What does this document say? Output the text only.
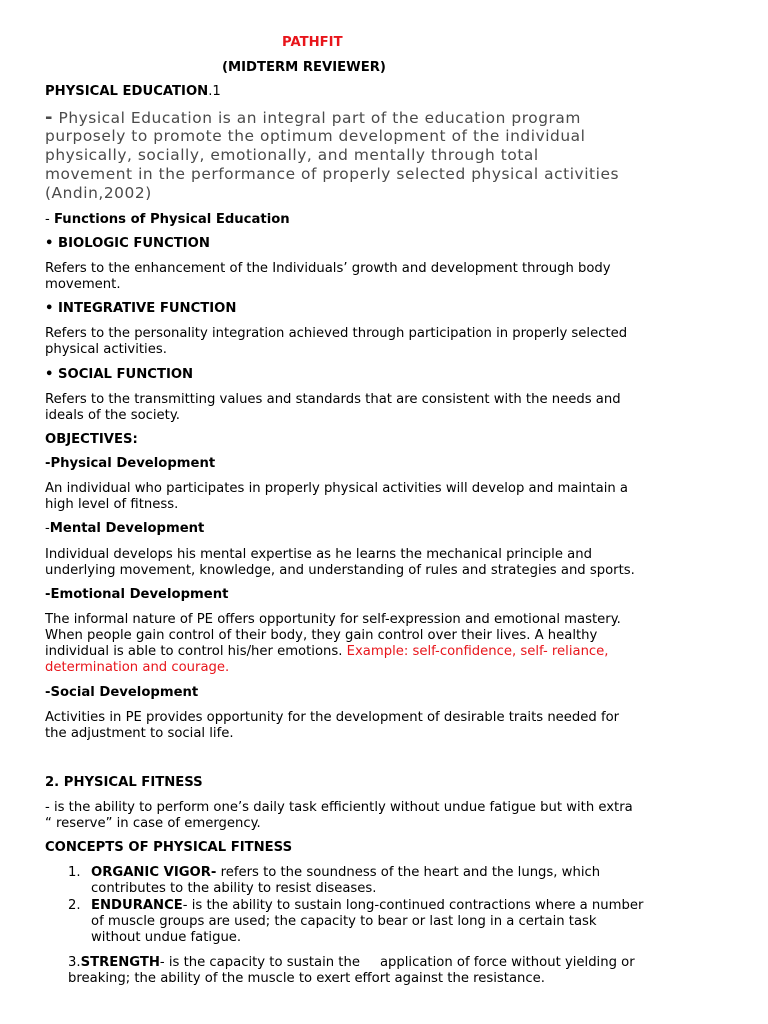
PATHFIT

(MIDTERM REVIEWER)

PHYSICAL EDUCATION.1

- Physical Education is an integral part of the education program

purposely to promote the optimum development of the individual

physically, socially, emotionally, and mentally through total

movement in the performance of properly selected physical activities

(Andin,2002)

- Functions of Physical Education

• BIOLOGIC FUNCTION

Refers to the enhancement of the Individuals’ growth and development through body

movement.

• INTEGRATIVE FUNCTION

Refers to the personality integration achieved through participation in properly selected

physical activities.

• SOCIAL FUNCTION

Refers to the transmitting values and standards that are consistent with the needs and

ideals of the society.

OBJECTIVES:

-Physical Development

An individual who participates in properly physical activities will develop and maintain a

high level of fitness.

-Mental Development

Individual develops his mental expertise as he learns the mechanical principle and

underlying movement, knowledge, and understanding of rules and strategies and sports.

-Emotional Development

The informal nature of PE offers opportunity for self-expression and emotional mastery.

When people gain control of their body, they gain control over their lives. A healthy

individual is able to control his/her emotions. Example: self-confidence, self- reliance,

determination and courage.

-Social Development

Activities in PE provides opportunity for the development of desirable traits needed for

the adjustment to social life.

2. PHYSICAL FITNESS

- is the ability to perform one’s daily task efficiently without undue fatigue but with extra

“ reserve” in case of emergency.

CONCEPTS OF PHYSICAL FITNESS

1. ORGANIC VIGOR- refers to the soundness of the heart and the lungs, which

contributes to the ability to resist diseases.

2. ENDURANCE- is the ability to sustain long-continued contractions where a number

of muscle groups are used; the capacity to bear or last long in a certain task

without undue fatigue.

3.STRENGTH- is the capacity to sustain the application of force without yielding or

breaking; the ability of the muscle to exert effort against the resistance.
